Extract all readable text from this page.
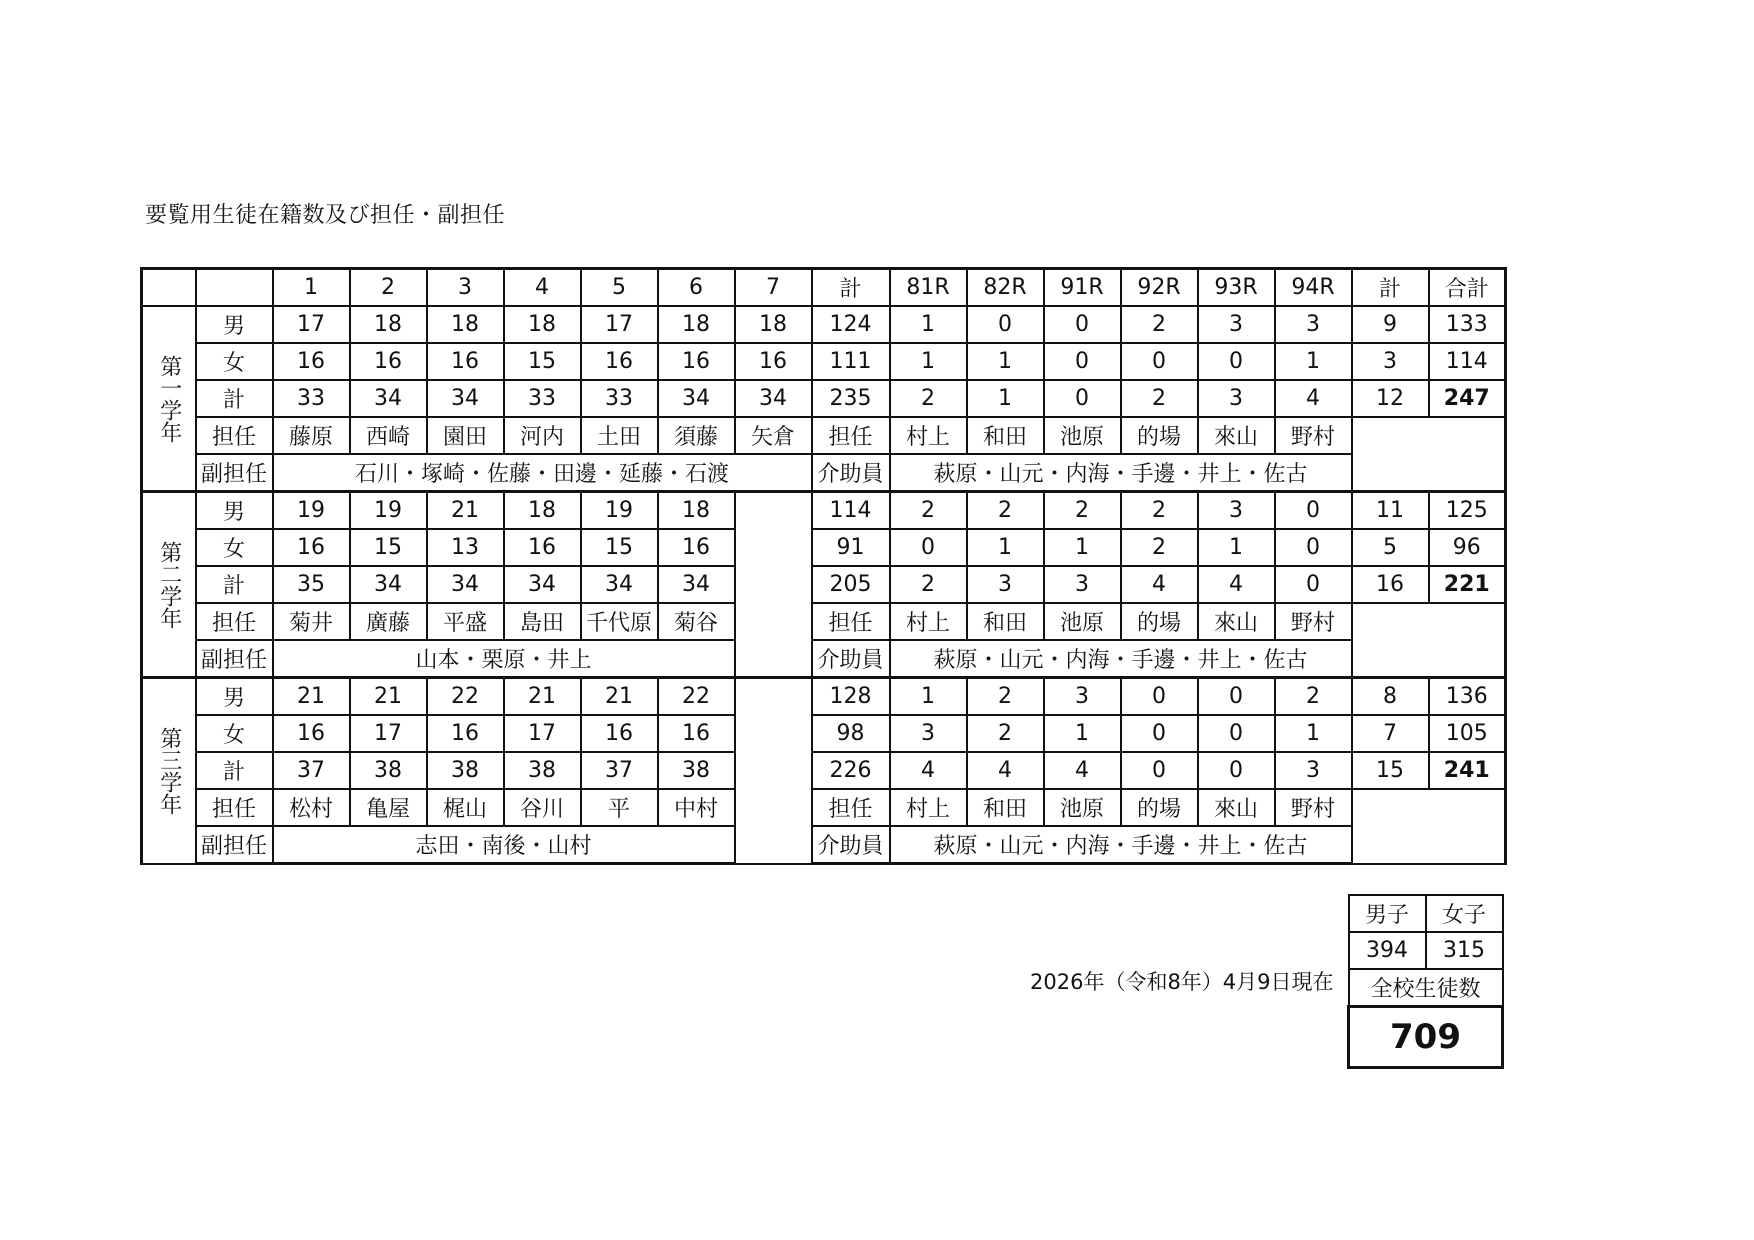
要覧用生徒在籍数及び担任・副担任
		1	2	3	4	5	6	7	計	81R	82R	91R	92R	93R	94R	計	合計
第一学年	男	17	18	18	18	17	18	18	124	1	0	0	2	3	3	9	133
	女	16	16	16	15	16	16	16	111	1	1	0	0	0	1	3	114
	計	33	34	34	33	33	34	34	235	2	1	0	2	3	4	12	247
	担任	藤原	西崎	園田	河内	土田	須藤	矢倉	担任	村上	和田	池原	的場	來山	野村		
	副担任	石川・塚崎・佐藤・田邊・延藤・石渡							介助員	萩原・山元・内海・手邊・井上・佐古							
第二学年	男	19	19	21	18	19	18		114	2	2	2	2	3	0	11	125
	女	16	15	13	16	15	16		91	0	1	1	2	1	0	5	96
	計	35	34	34	34	34	34		205	2	3	3	4	4	0	16	221
	担任	菊井	廣藤	平盛	島田	千代原	菊谷		担任	村上	和田	池原	的場	來山	野村		
	副担任	山本・栗原・井上							介助員	萩原・山元・内海・手邊・井上・佐古							
第三学年	男	21	21	22	21	21	22		128	1	2	3	0	0	2	8	136
	女	16	17	16	17	16	16		98	3	2	1	0	0	1	7	105
	計	37	38	38	38	37	38		226	4	4	4	0	0	3	15	241
	担任	松村	亀屋	梶山	谷川	平	中村		担任	村上	和田	池原	的場	來山	野村		
	副担任	志田・南後・山村							介助員	萩原・山元・内海・手邊・井上・佐古							
2026年（令和8年）4月9日現在
男子	女子
394	315
全校生徒数	
709	
